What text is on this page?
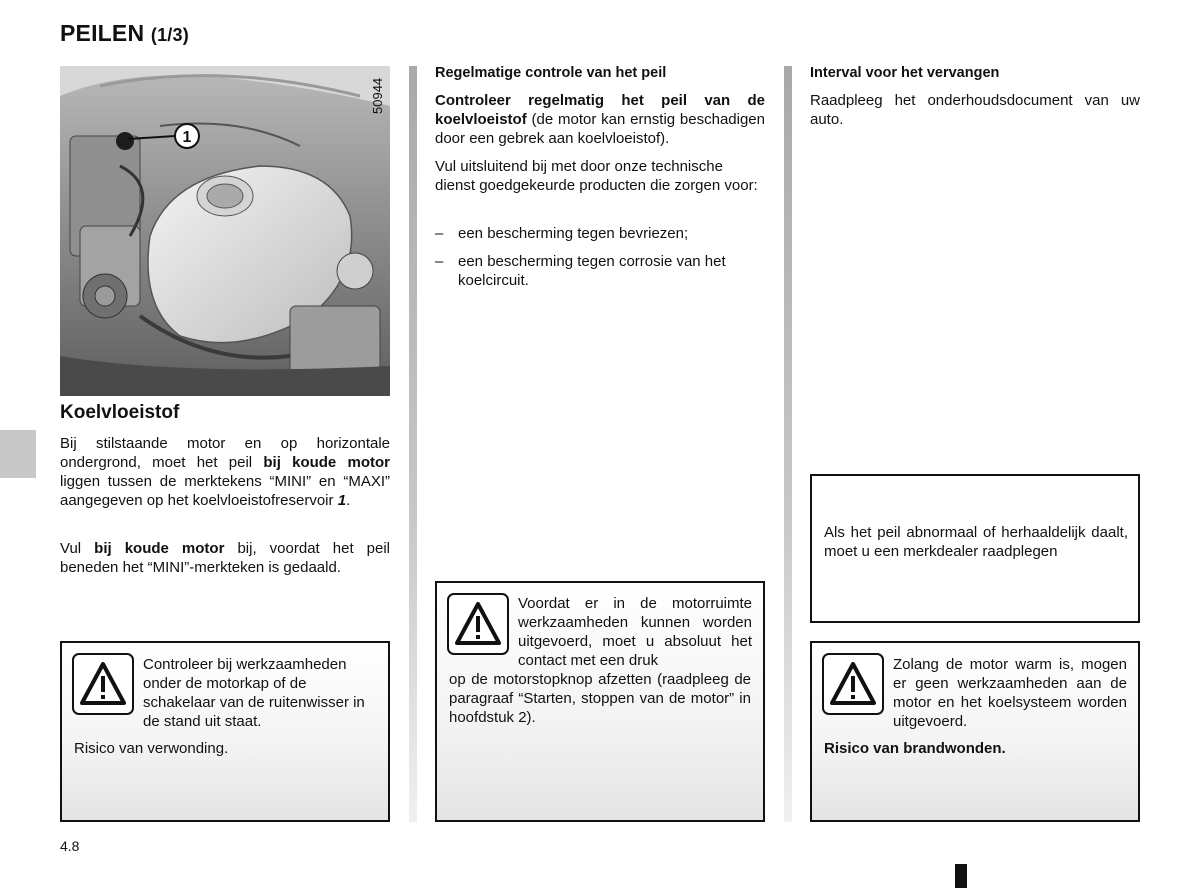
PEILEN (1/3)
1
50944
Koelvloeistof

Bij stilstaande motor en op horizontale ondergrond, moet het peil bij koude motor liggen tussen de merktekens “MINI” en “MAXI” aangegeven op het koelvloeistofreservoir 1.

Vul bij koude motor bij, voordat het peil beneden het “MINI”-merkteken is gedaald.

Controleer bij werkzaamheden onder de motorkap of de schakelaar van de ruitenwisser in de stand uit staat.

Risico van verwonding.

Regelmatige controle van het peil

Controleer regelmatig het peil van de koelvloeistof (de motor kan ernstig beschadigen door een gebrek aan koelvloeistof).

Vul uitsluitend bij met door onze technische dienst goedgekeurde producten die zorgen voor:

– een bescherming tegen bevriezen;
– een bescherming tegen corrosie van het koelcircuit.

Voordat er in de motorruimte werkzaamheden kunnen worden uitgevoerd, moet u absoluut het contact met een druk

op de motorstopknop afzetten (raadpleeg de paragraaf “Starten, stoppen van de motor” in hoofdstuk 2).

Interval voor het vervangen

Raadpleeg het onderhoudsdocument van uw auto.

Als het peil abnormaal of herhaaldelijk daalt, moet u een merkdealer raadplegen

Zolang de motor warm is, mogen er geen werkzaamheden aan de motor en het koelsysteem worden uitgevoerd.

Risico van brandwonden.

4.8
